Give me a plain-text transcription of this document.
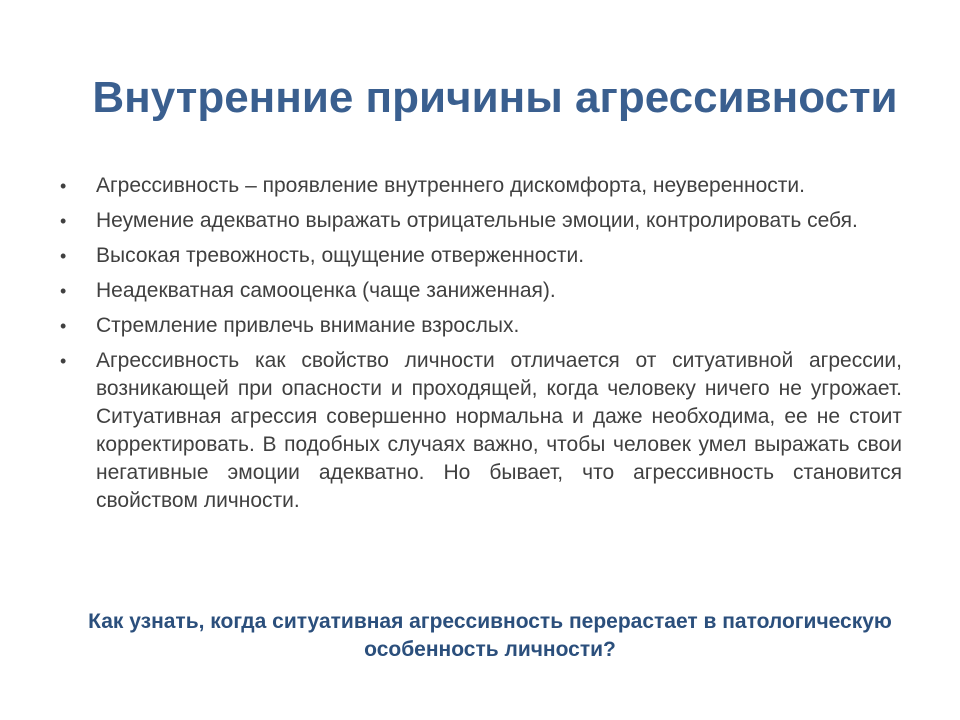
Внутренние причины агрессивности
•	Агрессивность – проявление внутреннего дискомфорта, неуверенности.
•	Неумение адекватно выражать отрицательные эмоции, контролировать себя.
•	Высокая тревожность, ощущение отверженности.
•	Неадекватная самооценка (чаще заниженная).
•	Стремление привлечь внимание взрослых.
•	Агрессивность как свойство личности отличается от ситуативной агрессии, возникающей при опасности и проходящей, когда человеку ничего не угрожает. Ситуативная агрессия совершенно нормальна и даже необходима, ее не стоит корректировать. В подобных случаях важно, чтобы человек умел выражать свои негативные эмоции адекватно. Но бывает, что агрессивность становится свойством личности.

Как узнать, когда ситуативная агрессивность перерастает в патологическую особенность личности?
